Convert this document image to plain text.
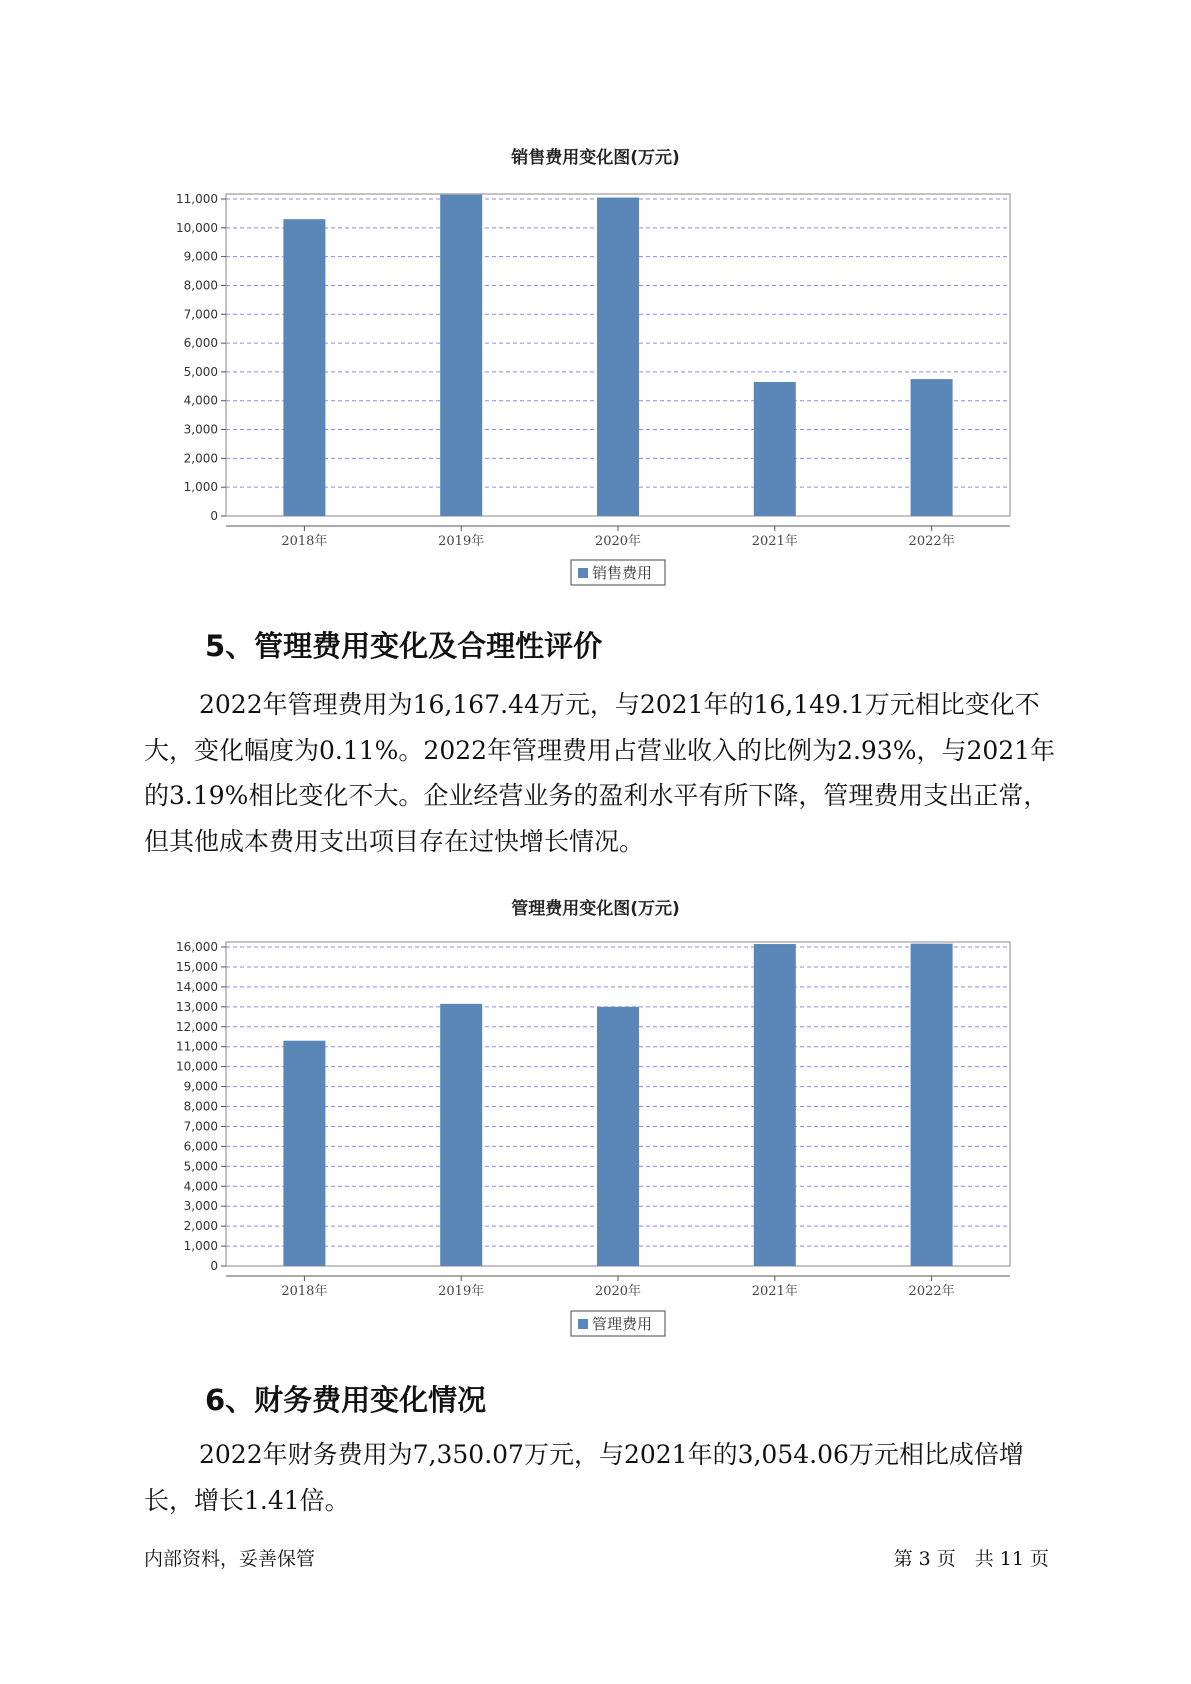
销售费用变化图(万元)
0
1,000
2,000
3,000
4,000
5,000
6,000
7,000
8,000
9,000
10,000
11,000
2018年	2019年	2020年	2021年	2022年
销售费用
5、管理费用变化及合理性评价

2022年管理费用为16,167.44万元，与2021年的16,149.1万元相比变化不大，变化幅度为0.11%。2022年管理费用占营业收入的比例为2.93%，与2021年的3.19%相比变化不大。企业经营业务的盈利水平有所下降，管理费用支出正常，但其他成本费用支出项目存在过快增长情况。

管理费用变化图(万元)
0
1,000
2,000
3,000
4,000
5,000
6,000
7,000
8,000
9,000
10,000
11,000
12,000
13,000
14,000
15,000
16,000
2018年	2019年	2020年	2021年	2022年
管理费用
6、财务费用变化情况

2022年财务费用为7,350.07万元，与2021年的3,054.06万元相比成倍增长，增长1.41倍。

内部资料，妥善保管	第 3 页　共 11 页
